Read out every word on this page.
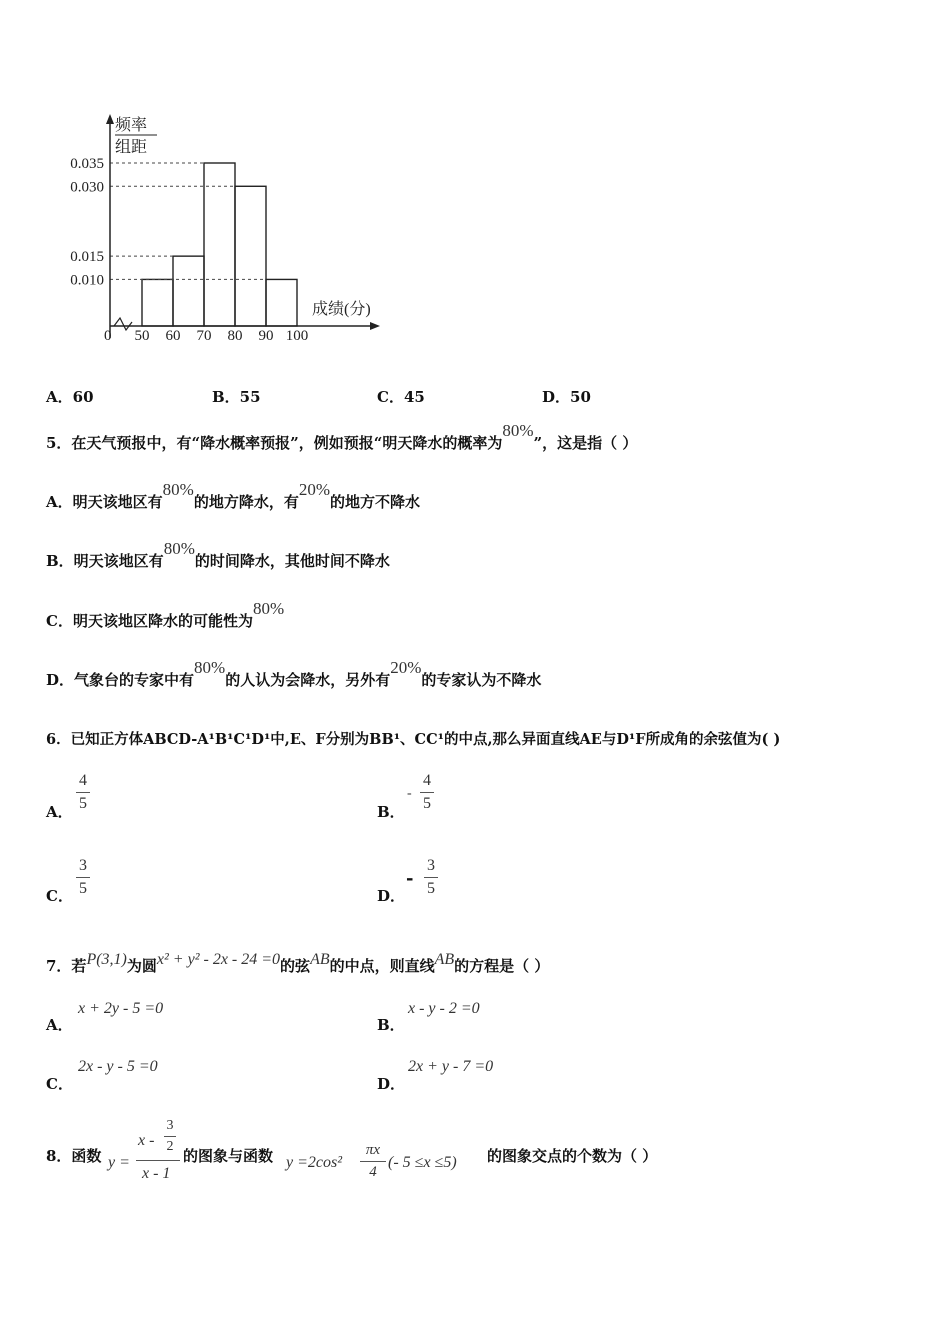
0.035
0.030
0.015
0.010
50 60 70 80 90 100
频率
组距
成绩(分)
0
A．60	B．55	C．45	D．50
5．在天气预报中，有“降水概率预报”，例如预报“明天降水的概率为80%”，这是指（ ）
A．明天该地区有80%的地方降水，有20%的地方不降水
B．明天该地区有80%的时间降水，其他时间不降水
C．明天该地区降水的可能性为80%
D．气象台的专家中有80%的人认为会降水，另外有20%的专家认为不降水
6．已知正方体ABCD-A¹B¹C¹D¹中,E、F分别为BB¹、CC¹的中点,那么异面直线AE与D¹F所成角的余弦值为( )
A．
4
5	B．
-
4
5
C．
3
5	D．
-
3
5
7．若P(3,1)为圆x² + y² - 2x - 24 =0的弦AB的中点，则直线AB的方程是（ ）
A．
x + 2y - 5 =0
B．
x - y - 2 =0
C．
2x - y - 5 =0
D．
2x + y - 7 =0
8．函数 y =
x -
3
2
x - 1
的图象与函数 y =2cos²
πx
4
(- 5 ≤x ≤5) 的图象交点的个数为（ ）
